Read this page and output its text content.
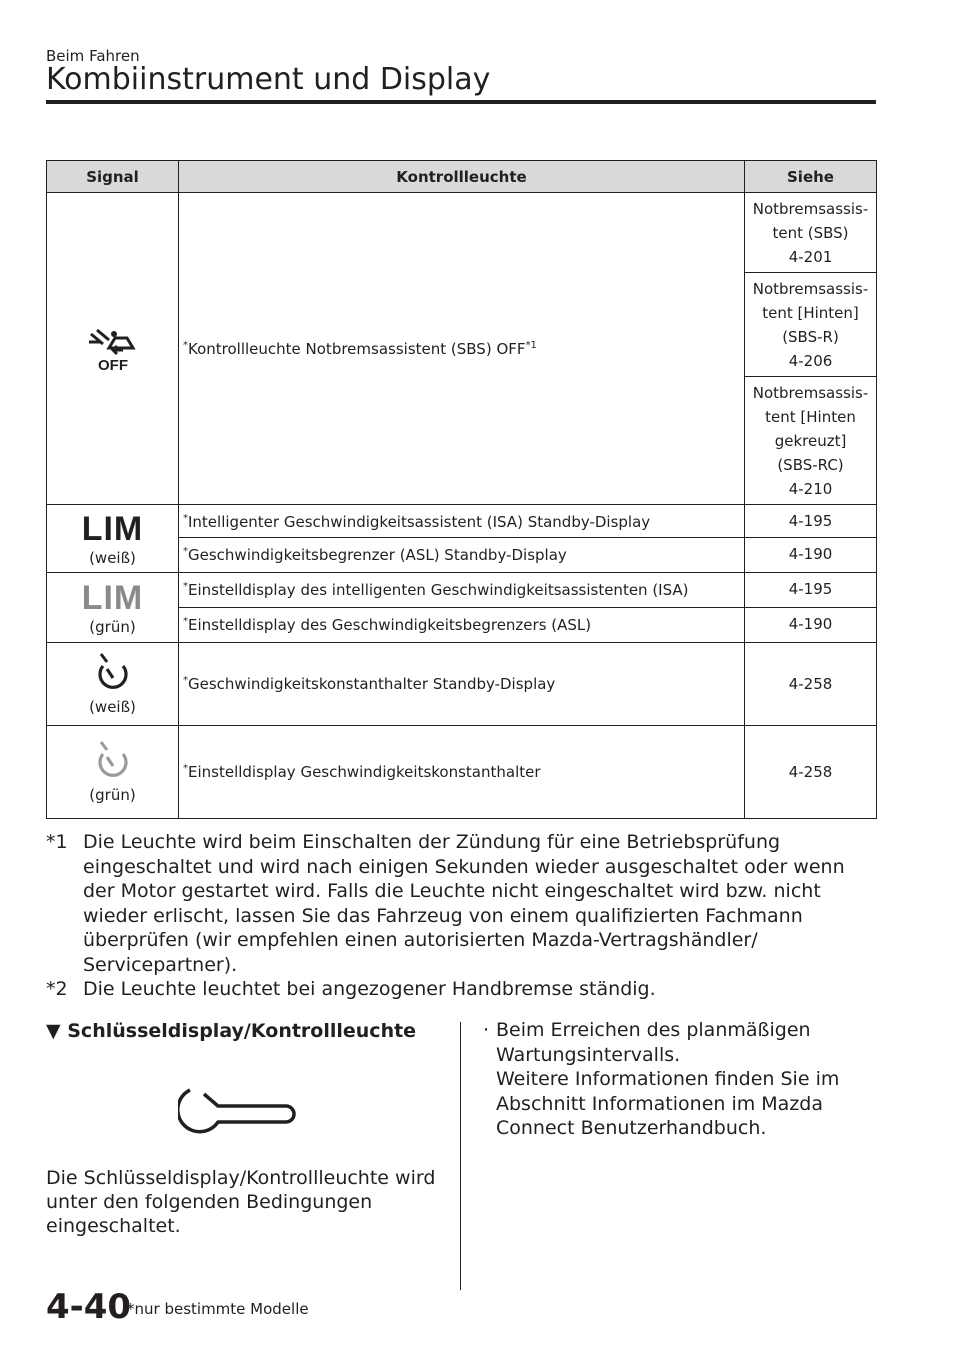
Beim Fahren
Kombiinstrument und Display
Signal	Kontrollleuchte	Siehe

OFF	*Kontrollleuchte Notbremsassistent (SBS) OFF$^{*1}$	Notbremsassis-
tent (SBS)
4-201

		Notbremsassis-
tent [Hinten]
(SBS-R)
4-206

		Notbremsassis-
tent [Hinten
gekreuzt]
(SBS-RC)
4-210

LIM
(weiß)	*Intelligenter Geschwindigkeitsassistent (ISA) Standby-Display	4-195
	*Geschwindigkeitsbegrenzer (ASL) Standby-Display	4-190

LIM
(grün)	*Einstelldisplay des intelligenten Geschwindigkeitsassistenten (ISA)	4-195
	*Einstelldisplay des Geschwindigkeitsbegrenzers (ASL)	4-190

(weiß)	*Geschwindigkeitskonstanthalter Standby-Display	4-258

(grün)	*Einstelldisplay Geschwindigkeitskonstanthalter	4-258
*1 Die Leuchte wird beim Einschalten der Zündung für eine Betriebsprüfung eingeschaltet und wird nach einigen Sekunden wieder ausgeschaltet oder wenn der Motor gestartet wird. Falls die Leuchte nicht eingeschaltet wird bzw. nicht wieder erlischt, lassen Sie das Fahrzeug von einem qualifizierten Fachmann überprüfen (wir empfehlen einen autorisierten Mazda-Vertragshändler/ Servicepartner).
*2 Die Leuchte leuchtet bei angezogener Handbremse ständig.
▼ Schlüsseldisplay/Kontrollleuchte
Die Schlüsseldisplay/Kontrollleuchte wird unter den folgenden Bedingungen eingeschaltet.
· Beim Erreichen des planmäßigen
Wartungsintervalls.
Weitere Informationen finden Sie im
Abschnitt Informationen im Mazda
Connect Benutzerhandbuch.
4-40
*nur bestimmte Modelle
